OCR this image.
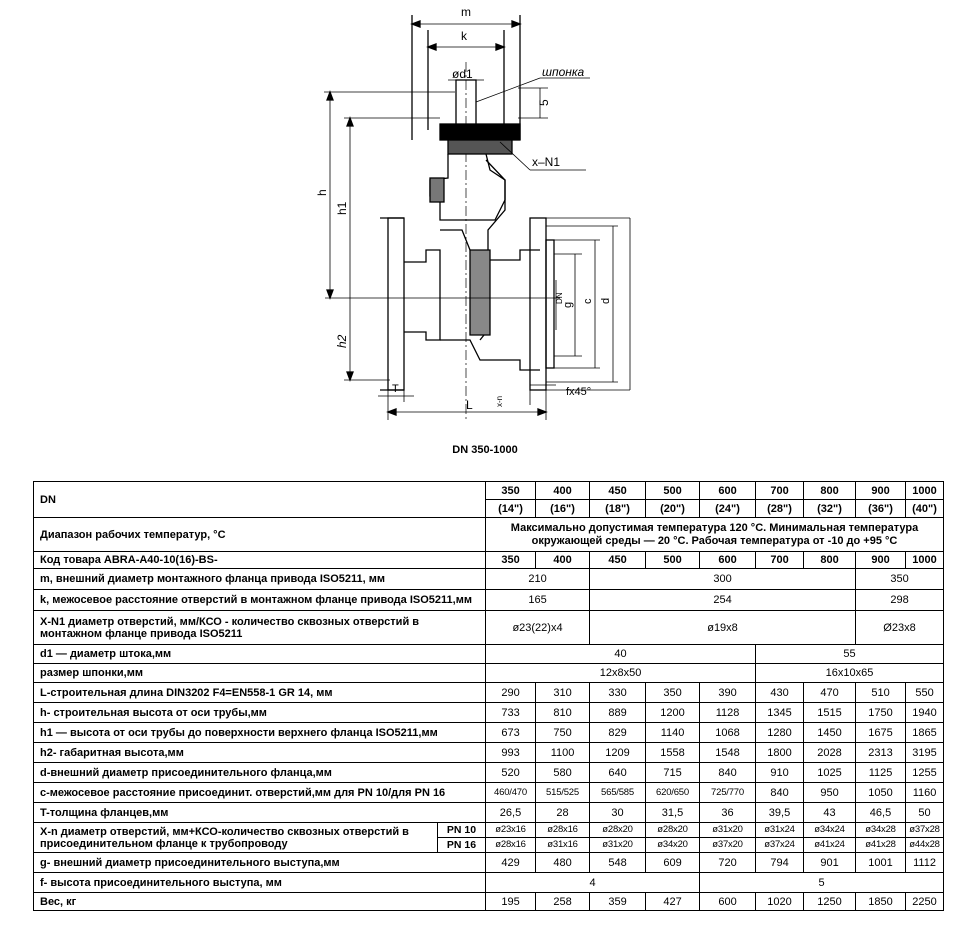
m
k
ød1	шпонка
5
x–N1
h
h1
h2
T
L	x-n
fx45°
DN
g
c d
DN 350-1000
DN		350	400	450	500	600	700	800	900	1000
		(14")	(16")	(18")	(20")	(24")	(28")	(32")	(36")	(40")
Диапазон рабочих температур, °C		Максимально допустимая температура 120 °С. Минимальная температура окружающей среды — 20 °С. Рабочая температура от -10 до +95 °С								
Код товара ABRA-A40-10(16)-BS-		350	400	450	500	600	700	800	900	1000
m, внешний диаметр монтажного фланца привода ISO5211, мм		210		300					350	
k, межосевое расстояние отверстий в монтажном фланце привода ISO5211,мм		165		254					298	
X-N1 диаметр отверстий, мм/КСО - количество сквозных отверстий в монтажном фланце привода ISO5211		ø23(22)х4		ø19х8					Ø23х8	
d1 — диаметр штока,мм		40					55			
размер шпонки,мм		12х8х50					16х10х65			
L-строительная длина DIN3202 F4=EN558-1 GR 14, мм		290	310	330	350	390	430	470	510	550
h- строительная высота от оси трубы,мм		733	810	889	1200	1128	1345	1515	1750	1940
h1 — высота от оси трубы до поверхности верхнего фланца ISO5211,мм		673	750	829	1140	1068	1280	1450	1675	1865
h2- габаритная высота,мм		993	1100	1209	1558	1548	1800	2028	2313	3195
d-внешний диаметр присоединительного фланца,мм		520	580	640	715	840	910	1025	1125	1255
c-межосевое расстояние присоединит. отверстий,мм для PN 10/для PN 16		460/470	515/525	565/585	620/650	725/770	840	950	1050	1160
T-толщина фланцев,мм		26,5	28	30	31,5	36	39,5	43	46,5	50
X-n диаметр отверстий, мм+КСО-количество сквозных отверстий в присоединительном фланце к трубопроводу	PN 10	ø23х16	ø28х16	ø28х20	ø28х20	ø31х20	ø31х24	ø34х24	ø34х28	ø37х28
	PN 16	ø28х16	ø31х16	ø31х20	ø34х20	ø37х20	ø37х24	ø41х24	ø41х28	ø44х28
g- внешний диаметр присоединительного выступа,мм		429	480	548	609	720	794	901	1001	1112
f- высота присоединительного выступа, мм		4				5				
Вес, кг		195	258	359	427	600	1020	1250	1850	2250
